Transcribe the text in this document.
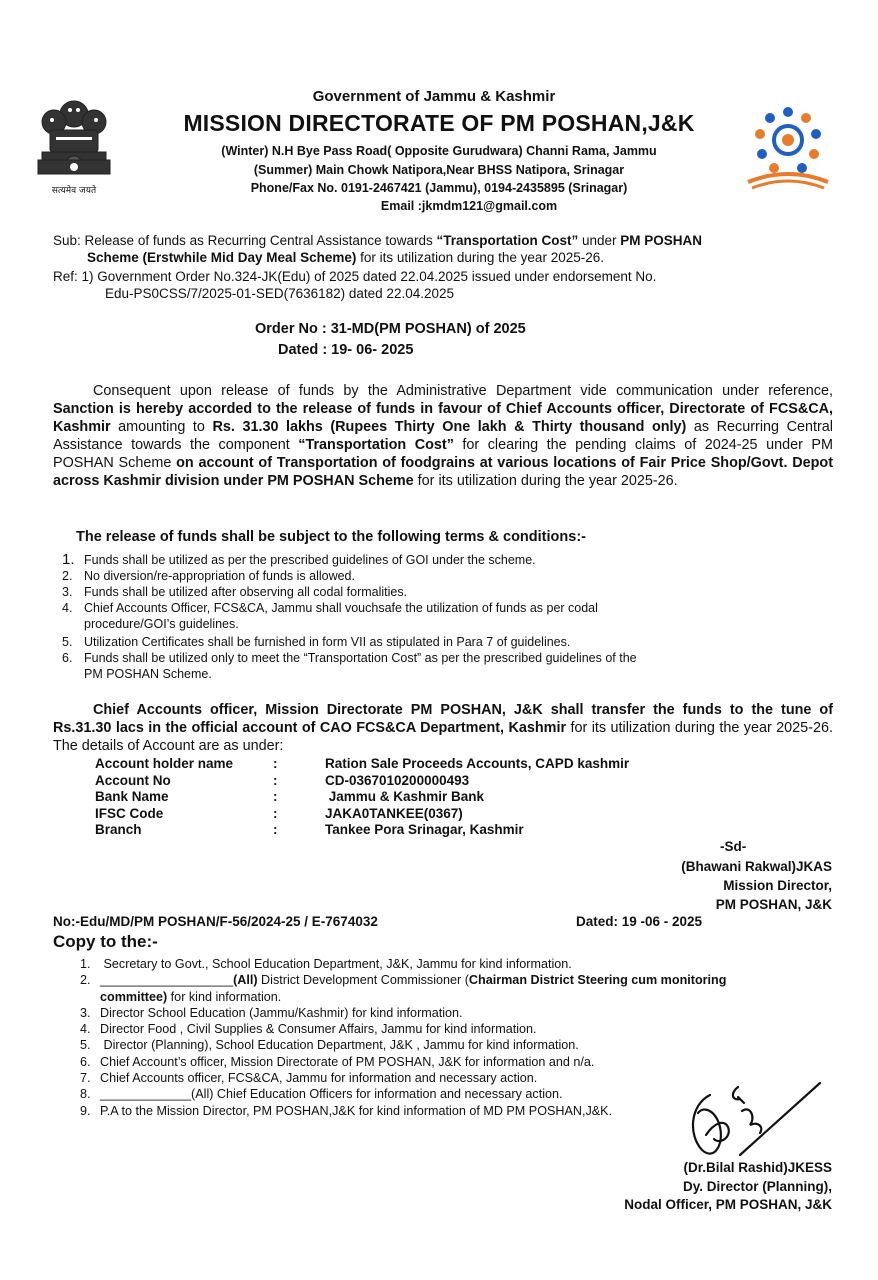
सत्यमेव जयते
Government of Jammu & Kashmir
MISSION DIRECTORATE OF PM POSHAN,J&K
(Winter) N.H Bye Pass Road( Opposite Gurudwara) Channi Rama, Jammu
(Summer) Main Chowk Natipora,Near BHSS Natipora, Srinagar
Phone/Fax No. 0191-2467421 (Jammu), 0194-2435895 (Srinagar)
Email :jkmdm121@gmail.com
Sub: Release of funds as Recurring Central Assistance towards “Transportation Cost” under PM POSHAN
Scheme (Erstwhile Mid Day Meal Scheme) for its utilization during the year 2025-26.
Ref: 1) Government Order No.324-JK(Edu) of 2025 dated 22.04.2025 issued under endorsement No.
Edu-PS0CSS/7/2025-01-SED(7636182) dated 22.04.2025
Order No : 31-MD(PM POSHAN) of 2025
Dated : 19- 06- 2025
Consequent upon release of funds by the Administrative Department vide communication under reference, Sanction is hereby accorded to the release of funds in favour of Chief Accounts officer, Directorate of FCS&CA, Kashmir amounting to Rs. 31.30 lakhs (Rupees Thirty One lakh & Thirty thousand only) as Recurring Central Assistance towards the component “Transportation Cost” for clearing the pending claims of 2024-25 under PM POSHAN Scheme on account of Transportation of foodgrains at various locations of Fair Price Shop/Govt. Depot across Kashmir division under PM POSHAN Scheme for its utilization during the year 2025-26.
The release of funds shall be subject to the following terms & conditions:-
1. Funds shall be utilized as per the prescribed guidelines of GOI under the scheme.
2. No diversion/re-appropriation of funds is allowed.
3. Funds shall be utilized after observing all codal formalities.
4. Chief Accounts Officer, FCS&CA, Jammu shall vouchsafe the utilization of funds as per codal
procedure/GOI’s guidelines.
5. Utilization Certificates shall be furnished in form VII as stipulated in Para 7 of guidelines.
6. Funds shall be utilized only to meet the “Transportation Cost” as per the prescribed guidelines of the
PM POSHAN Scheme.
Chief Accounts officer, Mission Directorate PM POSHAN, J&K shall transfer the funds to the tune of Rs.31.30 lacs in the official account of CAO FCS&CA Department, Kashmir for its utilization during the year 2025-26. The details of Account are as under:
Account holder name	:	Ration Sale Proceeds Accounts, CAPD kashmir
Account No	:	CD-0367010200000493
Bank Name	:	Jammu & Kashmir Bank
IFSC Code	:	JAKA0TANKEE(0367)
Branch	:	Tankee Pora Srinagar, Kashmir
-Sd-
(Bhawani Rakwal)JKAS
Mission Director,
PM POSHAN, J&K
No:-Edu/MD/PM POSHAN/F-56/2024-25 / E-7674032	Dated: 19 -06 - 2025
Copy to the:-
1. Secretary to Govt., School Education Department, J&K, Jammu for kind information.
2. ___________________(All) District Development Commissioner (Chairman District Steering cum monitoring
committee) for kind information.
3. Director School Education (Jammu/Kashmir) for kind information.
4. Director Food , Civil Supplies & Consumer Affairs, Jammu for kind information.
5. Director (Planning), School Education Department, J&K , Jammu for kind information.
6. Chief Account’s officer, Mission Directorate of PM POSHAN, J&K for information and n/a.
7. Chief Accounts officer, FCS&CA, Jammu for information and necessary action.
8. _____________(All) Chief Education Officers for information and necessary action.
9. P.A to the Mission Director, PM POSHAN,J&K for kind information of MD PM POSHAN,J&K.
(Dr.Bilal Rashid)JKESS
Dy. Director (Planning),
Nodal Officer, PM POSHAN, J&K
